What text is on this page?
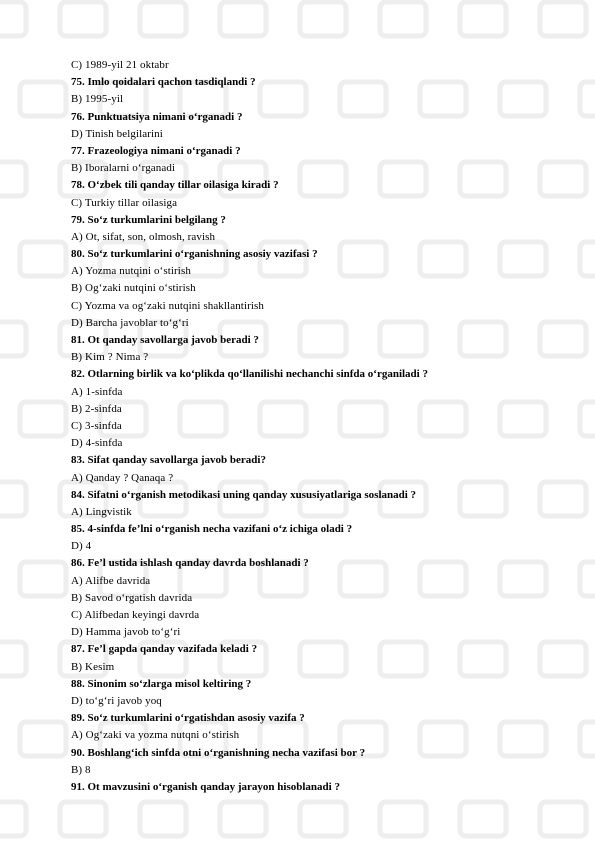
C) 1989-yil 21 oktabr
75. Imlo qoidalari qachon tasdiqlandi ?
B) 1995-yil
76. Punktuatsiya nimani o‘rganadi ?
D) Tinish belgilarini
77. Frazeologiya nimani o‘rganadi ?
B) Iboralarni o‘rganadi
78. O‘zbek tili qanday tillar oilasiga kiradi ?
C) Turkiy tillar oilasiga
79. So‘z turkumlarini belgilang ?
A) Ot, sifat, son, olmosh, ravish
80. So‘z turkumlarini o‘rganishning asosiy vazifasi ?
A) Yozma nutqini o‘stirish
B) Og‘zaki nutqini o‘stirish
C) Yozma va og‘zaki nutqini shakllantirish
D) Barcha javoblar to‘g‘ri
81. Ot qanday savollarga javob beradi ?
B) Kim ? Nima ?
82. Otlarning birlik va ko‘plikda qo‘llanilishi nechanchi sinfda o‘rganiladi ?
A) 1-sinfda
B) 2-sinfda
C) 3-sinfda
D) 4-sinfda
83. Sifat qanday savollarga javob beradi?
A) Qanday ? Qanaqa ?
84. Sifatni o‘rganish metodikasi uning qanday xususiyatlariga soslanadi ?
A) Lingvistik
85. 4-sinfda fe’lni o‘rganish necha vazifani o‘z ichiga oladi ?
D) 4
86. Fe’l ustida ishlash qanday davrda boshlanadi ?
A) Alifbe davrida
B) Savod o‘rgatish davrida
C) Alifbedan keyingi davrda
D) Hamma javob to‘g‘ri
87. Fe’l gapda qanday vazifada keladi ?
B) Kesim
88. Sinonim so‘zlarga misol keltiring ?
D) to‘g‘ri javob yoq
89. So‘z turkumlarini o‘rgatishdan asosiy vazifa ?
A) Og‘zaki va yozma nutqni o‘stirish
90. Boshlang‘ich sinfda otni o‘rganishning necha vazifasi bor ?
B) 8
91. Ot mavzusini o‘rganish qanday jarayon hisoblanadi ?
